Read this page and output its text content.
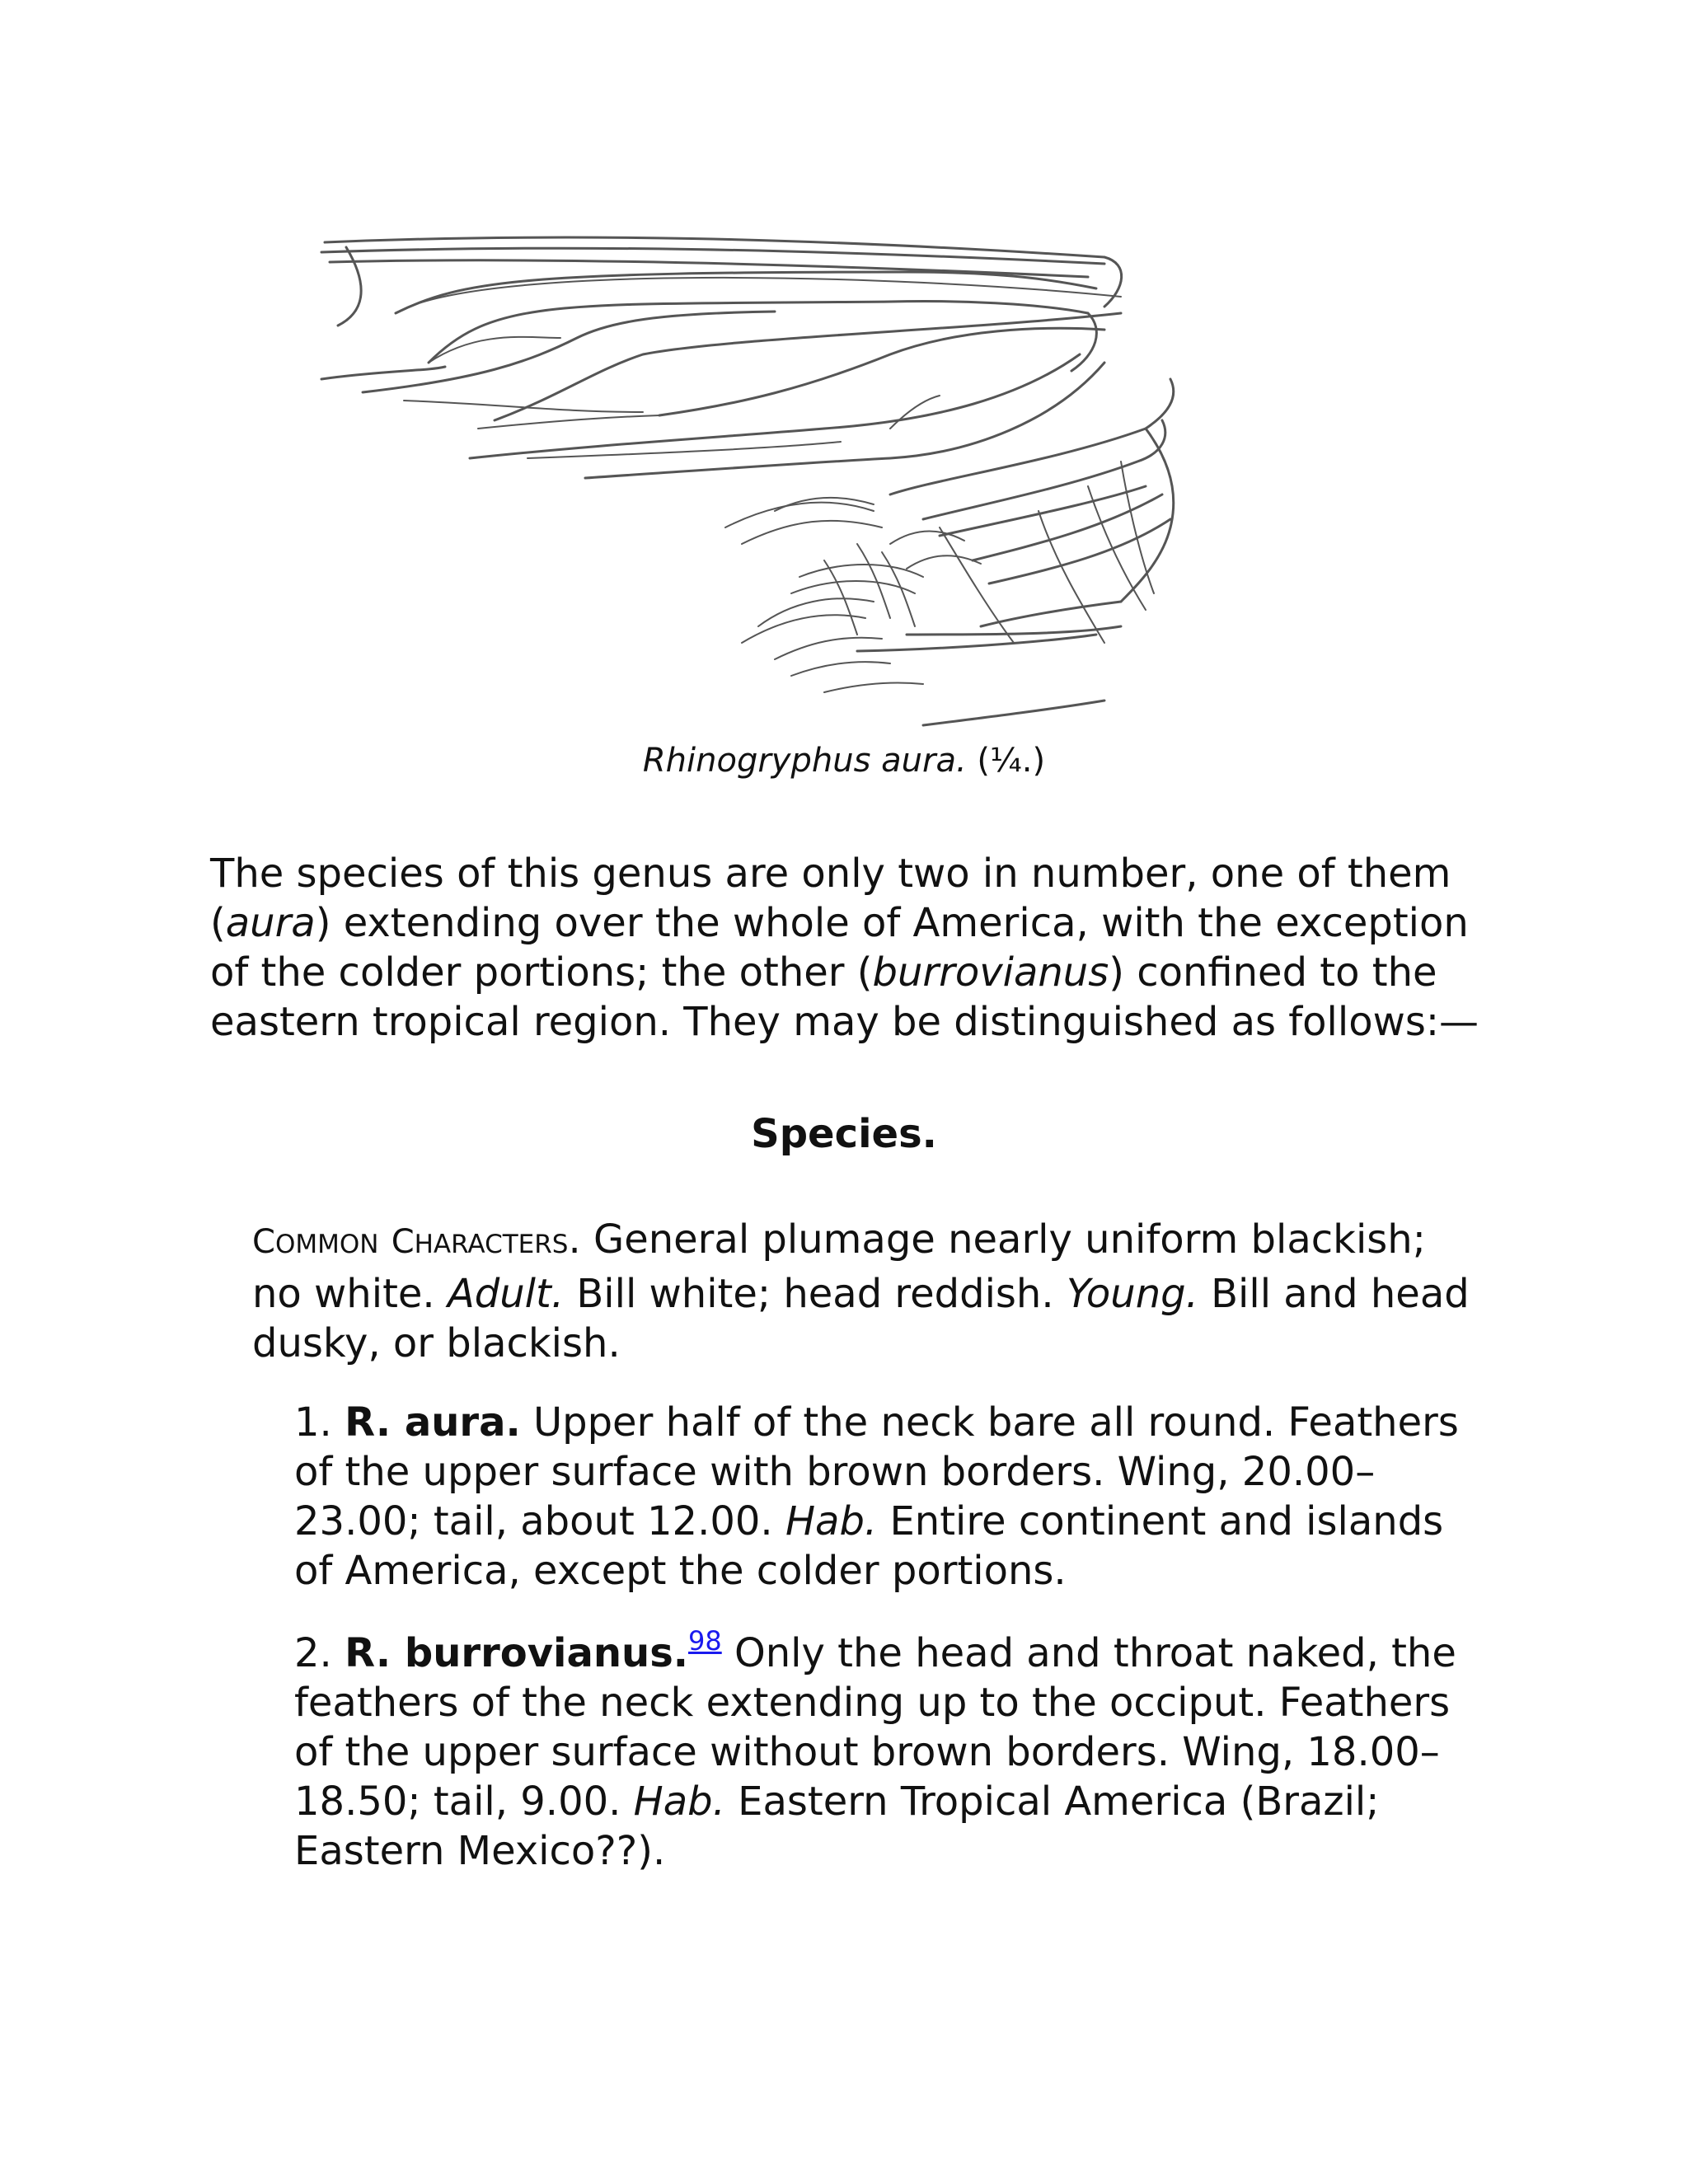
Rhinogryphus aura. (¼.)

The species of this genus are only two in number, one of them (aura) extending over the whole of America, with the exception of the colder portions; the other (burrovianus) confined to the eastern tropical region. They may be distinguished as follows:—

Species.

COMMON CHARACTERS. General plumage nearly uniform blackish; no white. Adult. Bill white; head reddish. Young. Bill and head dusky, or blackish.

1. R. aura. Upper half of the neck bare all round. Feathers of the upper surface with brown borders. Wing, 20.00–23.00; tail, about 12.00. Hab. Entire continent and islands of America, except the colder portions.

2. R. burrovianus.$^{98}$ Only the head and throat naked, the feathers of the neck extending up to the occiput. Feathers of the upper surface without brown borders. Wing, 18.00–18.50; tail, 9.00. Hab. Eastern Tropical America (Brazil; Eastern Mexico??).
